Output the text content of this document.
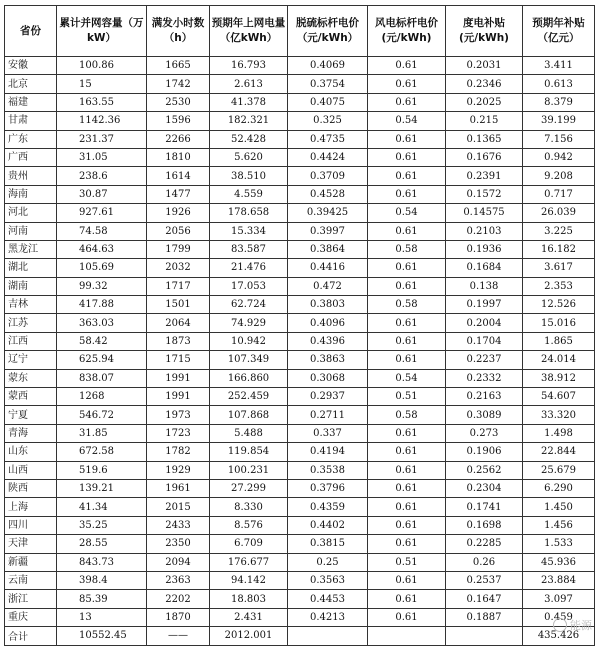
省份	累计并网容量（万kW）	满发小时数（h）	预期年上网电量（亿kWh）	脱硫标杆电价（元/kWh）	风电标杆电价(元/kWh)	度电补贴(元/kWh)	预期年补贴（亿元）
安徽	100.86	1665	16.793	0.4069	0.61	0.2031	3.411
北京	15	1742	2.613	0.3754	0.61	0.2346	0.613
福建	163.55	2530	41.378	0.4075	0.61	0.2025	8.379
甘肃	1142.36	1596	182.321	0.325	0.54	0.215	39.199
广东	231.37	2266	52.428	0.4735	0.61	0.1365	7.156
广西	31.05	1810	5.620	0.4424	0.61	0.1676	0.942
贵州	238.6	1614	38.510	0.3709	0.61	0.2391	9.208
海南	30.87	1477	4.559	0.4528	0.61	0.1572	0.717
河北	927.61	1926	178.658	0.39425	0.54	0.14575	26.039
河南	74.58	2056	15.334	0.3997	0.61	0.2103	3.225
黑龙江	464.63	1799	83.587	0.3864	0.58	0.1936	16.182
湖北	105.69	2032	21.476	0.4416	0.61	0.1684	3.617
湖南	99.32	1717	17.053	0.472	0.61	0.138	2.353
吉林	417.88	1501	62.724	0.3803	0.58	0.1997	12.526
江苏	363.03	2064	74.929	0.4096	0.61	0.2004	15.016
江西	58.42	1873	10.942	0.4396	0.61	0.1704	1.865
辽宁	625.94	1715	107.349	0.3863	0.61	0.2237	24.014
蒙东	838.07	1991	166.860	0.3068	0.54	0.2332	38.912
蒙西	1268	1991	252.459	0.2937	0.51	0.2163	54.607
宁夏	546.72	1973	107.868	0.2711	0.58	0.3089	33.320
青海	31.85	1723	5.488	0.337	0.61	0.273	1.498
山东	672.58	1782	119.854	0.4194	0.61	0.1906	22.844
山西	519.6	1929	100.231	0.3538	0.61	0.2562	25.679
陕西	139.21	1961	27.299	0.3796	0.61	0.2304	6.290
上海	41.34	2015	8.330	0.4359	0.61	0.1741	1.450
四川	35.25	2433	8.576	0.4402	0.61	0.1698	1.456
天津	28.55	2350	6.709	0.3815	0.61	0.2285	1.533
新疆	843.73	2094	176.677	0.25	0.51	0.26	45.936
云南	398.4	2363	94.142	0.3563	0.61	0.2537	23.884
浙江	85.39	2202	18.803	0.4453	0.61	0.1647	3.097
重庆	13	1870	2.431	0.4213	0.61	0.1887	0.459
合计	10552.45	——	2012.001				435.426
能源
